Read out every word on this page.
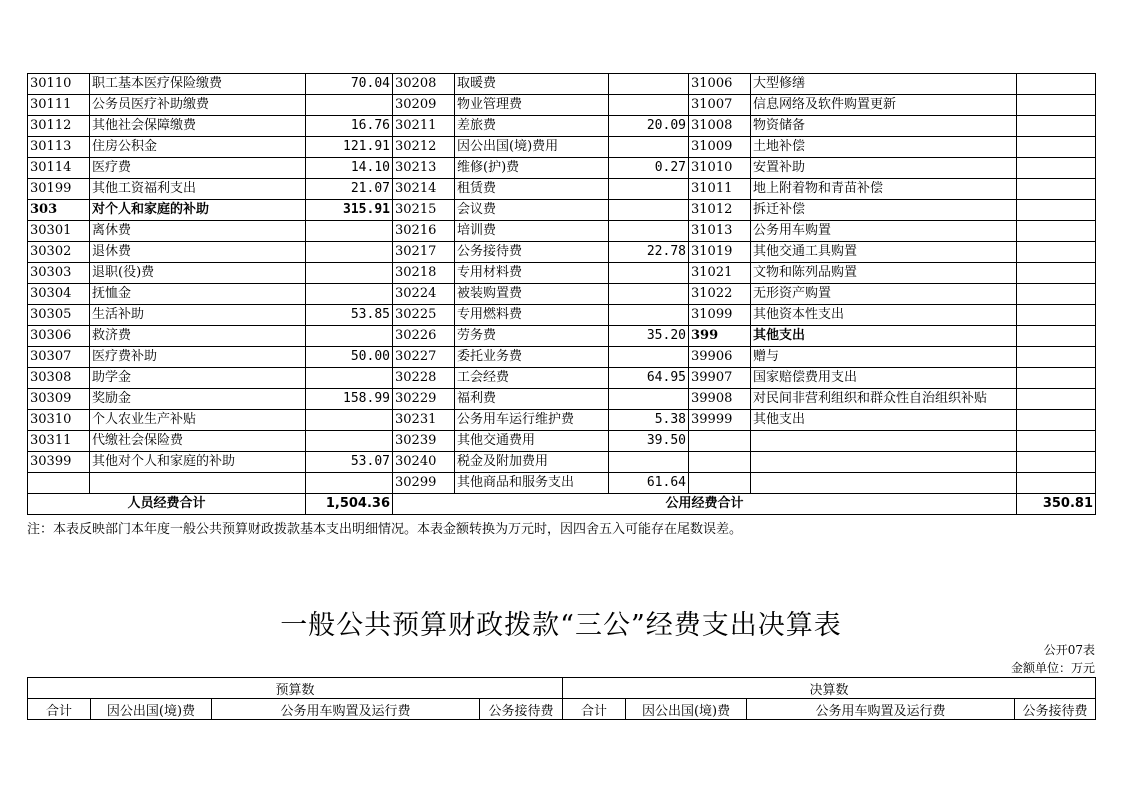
30110	职工基本医疗保险缴费	70.04	30208	取暖费		31006	大型修缮	
30111	公务员医疗补助缴费		30209	物业管理费		31007	信息网络及软件购置更新	
30112	其他社会保障缴费	16.76	30211	差旅费	20.09	31008	物资储备	
30113	住房公积金	121.91	30212	因公出国(境)费用		31009	土地补偿	
30114	医疗费	14.10	30213	维修(护)费	0.27	31010	安置补助	
30199	其他工资福利支出	21.07	30214	租赁费		31011	地上附着物和青苗补偿	
303	对个人和家庭的补助	315.91	30215	会议费		31012	拆迁补偿	
30301	离休费		30216	培训费		31013	公务用车购置	
30302	退休费		30217	公务接待费	22.78	31019	其他交通工具购置	
30303	退职(役)费		30218	专用材料费		31021	文物和陈列品购置	
30304	抚恤金		30224	被装购置费		31022	无形资产购置	
30305	生活补助	53.85	30225	专用燃料费		31099	其他资本性支出	
30306	救济费		30226	劳务费	35.20	399	其他支出	
30307	医疗费补助	50.00	30227	委托业务费		39906	赠与	
30308	助学金		30228	工会经费	64.95	39907	国家赔偿费用支出	
30309	奖励金	158.99	30229	福利费		39908	对民间非营利组织和群众性自治组织补贴	
30310	个人农业生产补贴		30231	公务用车运行维护费	5.38	39999	其他支出	
30311	代缴社会保险费		30239	其他交通费用	39.50			
30399	其他对个人和家庭的补助	53.07	30240	税金及附加费用				
			30299	其他商品和服务支出	61.64			
人员经费合计		1,504.36	公用经费合计					350.81
注：本表反映部门本年度一般公共预算财政拨款基本支出明细情况。本表金额转换为万元时，因四舍五入可能存在尾数误差。
一般公共预算财政拨款“三公”经费支出决算表
公开07表
金额单位：万元
预算数				决算数			
合计	因公出国(境)费	公务用车购置及运行费	公务接待费	合计	因公出国(境)费	公务用车购置及运行费	公务接待费
